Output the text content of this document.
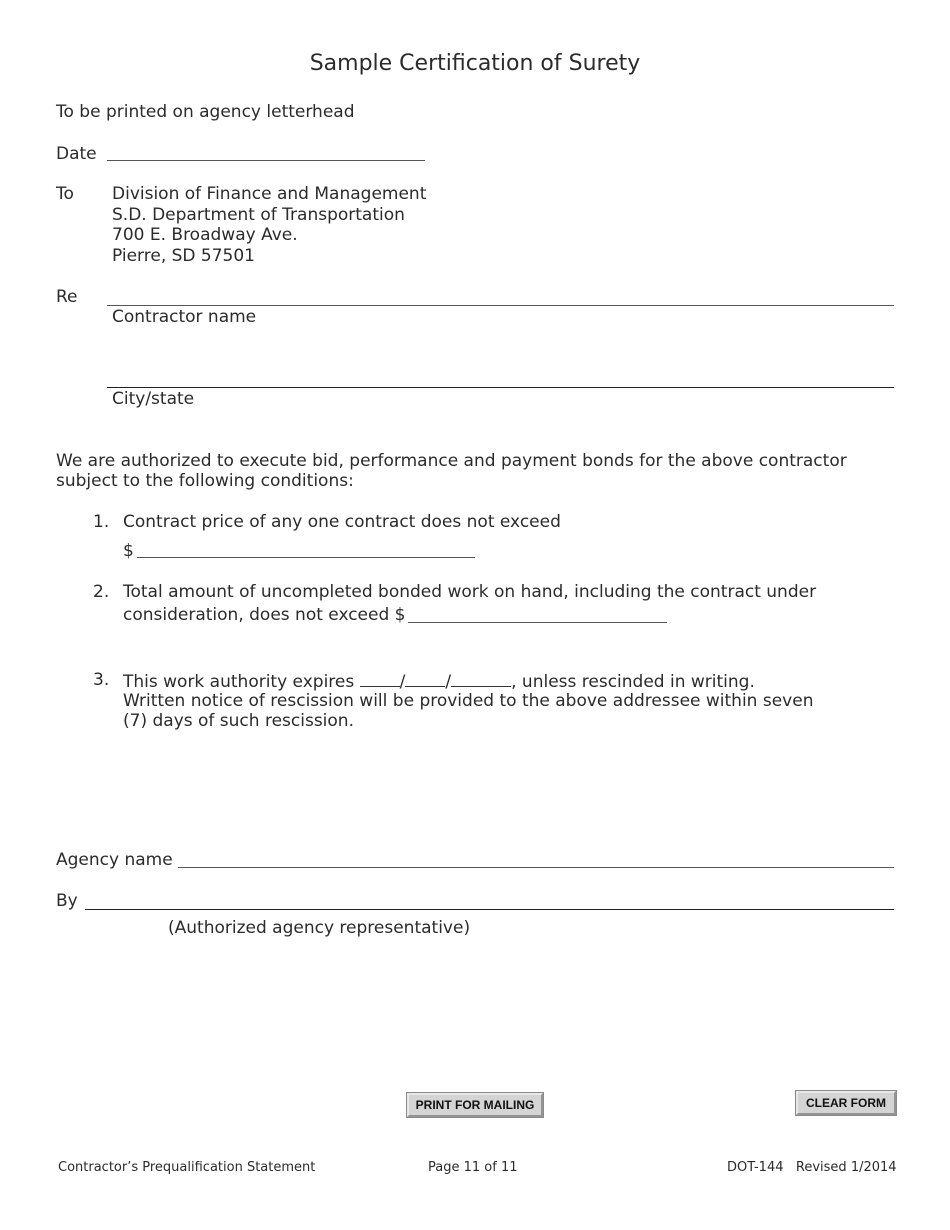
Sample Certification of Surety
To be printed on agency letterhead
Date
To Division of Finance and Management
S.D. Department of Transportation
700 E. Broadway Ave.
Pierre, SD 57501
Re
Contractor name
City/state
We are authorized to execute bid, performance and payment bonds for the above contractor
subject to the following conditions:
1. Contract price of any one contract does not exceed
$
2. Total amount of uncompleted bonded work on hand, including the contract under
consideration, does not exceed $
3. This work authority expires	/ /	, unless rescinded in writing.
Written notice of rescission will be provided to the above addressee within seven
(7) days of such rescission.
Agency name
By
(Authorized agency representative)
PRINT FOR MAILING	CLEAR FORM
Contractor’s Prequalification Statement	Page 11 of 11	DOT-144 Revised 1/2014
